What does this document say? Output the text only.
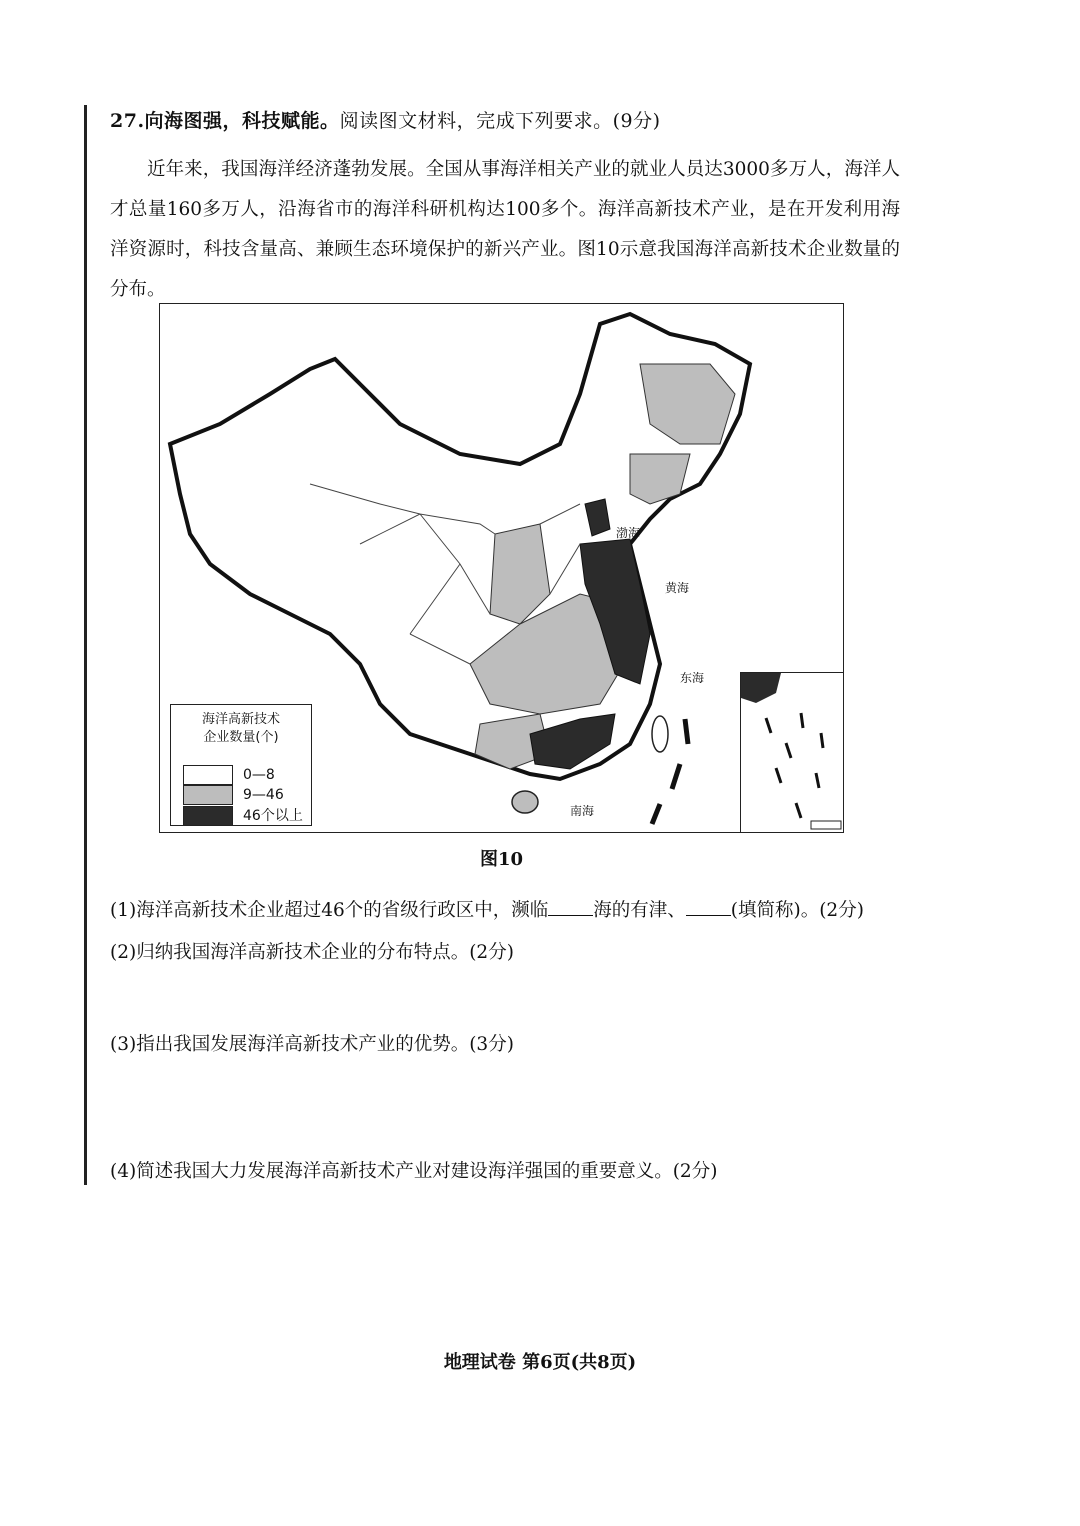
27.向海图强，科技赋能。阅读图文材料，完成下列要求。(9分)

近年来，我国海洋经济蓬勃发展。全国从事海洋相关产业的就业人员达3000多万人，海洋人才总量160多万人，沿海省市的海洋科研机构达100多个。海洋高新技术产业，是在开发利用海洋资源时，科技含量高、兼顾生态环境保护的新兴产业。图10示意我国海洋高新技术企业数量的分布。

渤海
黄海
东海
南海
海洋高新技术
企业数量(个)
0—8
9—46
46个以上
图10
(1)海洋高新技术企业超过46个的省级行政区中，濒临 海的有津、 (填简称)。(2分)
(2)归纳我国海洋高新技术企业的分布特点。(2分)
(3)指出我国发展海洋高新技术产业的优势。(3分)
(4)简述我国大力发展海洋高新技术产业对建设海洋强国的重要意义。(2分)
地理试卷 第6页(共8页)
